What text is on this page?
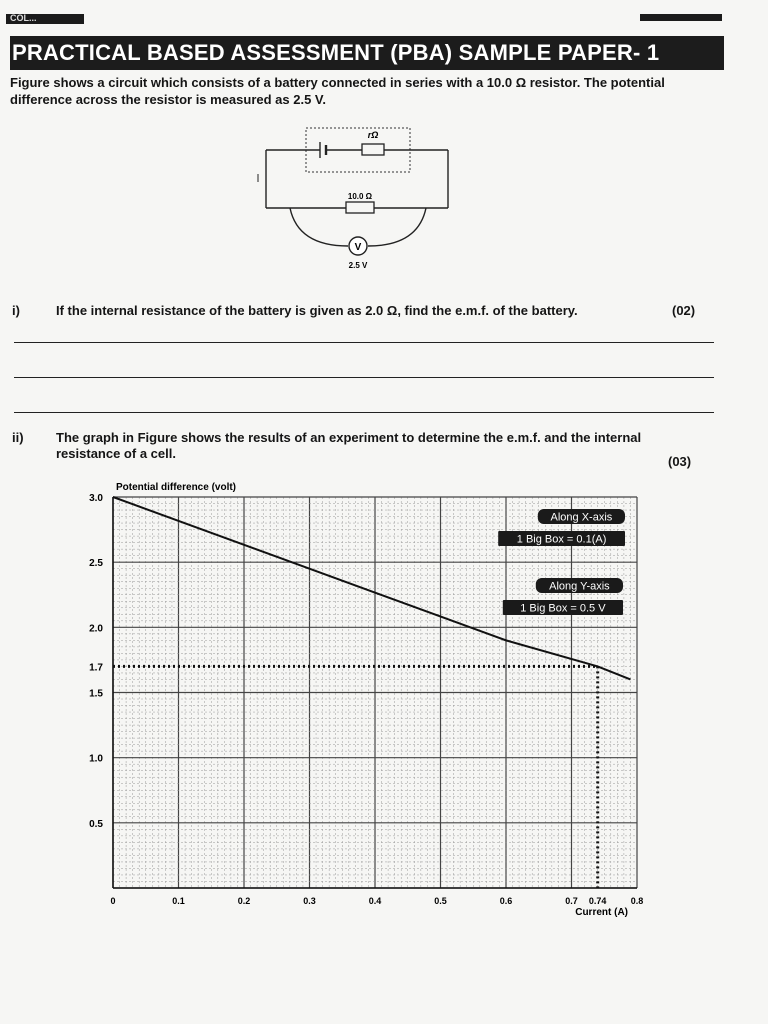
COL...
PRACTICAL BASED ASSESSMENT (PBA) SAMPLE PAPER- 1
Figure shows a circuit which consists of a battery connected in series with a 10.0 Ω resistor. The potential
difference across the resistor is measured as 2.5 V.
V
rΩ
10.0 Ω
2.5 V
i)	If the internal resistance of the battery is given as 2.0 Ω, find the e.m.f. of the battery.	(02)
ii) The graph in Figure shows the results of an experiment to determine the e.m.f. and the internal
resistance of a cell.
(03)
0	0.1	0.2	0.3	0.4	0.5	0.6	0.7 0.74	0.8
3.0
2.5
2.0
1.7
1.5
1.0
0.5
Along X-axis
1 Big Box = 0.1(A)
Along Y-axis
1 Big Box = 0.5 V
Potential difference (volt)
Current (A)
